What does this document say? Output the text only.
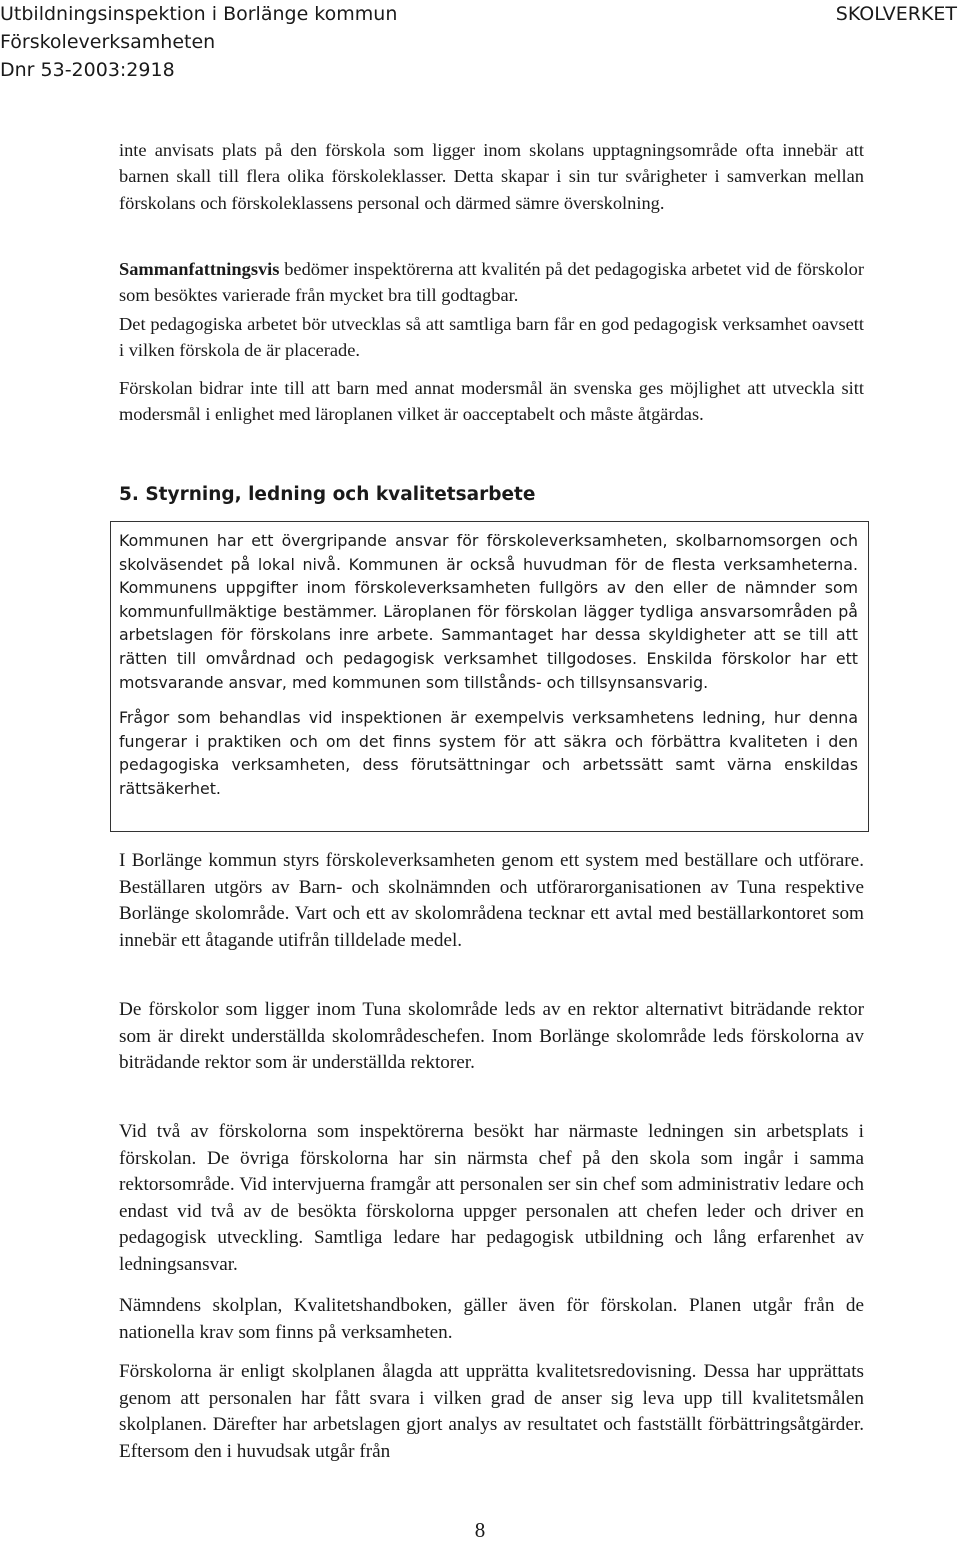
Utbildningsinspektion i Borlänge kommun
Förskoleverksamheten
Dnr 53-2003:2918
SKOLVERKET

inte anvisats plats på den förskola som ligger inom skolans upptagningsområde ofta innebär att barnen skall till flera olika förskoleklasser. Detta skapar i sin tur svårigheter i samverkan mellan förskolans och förskoleklassens personal och därmed sämre överskolning.

Sammanfattningsvis bedömer inspektörerna att kvalitén på det pedagogiska arbetet vid de förskolor som besöktes varierade från mycket bra till godtagbar.

Det pedagogiska arbetet bör utvecklas så att samtliga barn får en god pedagogisk verksamhet oavsett i vilken förskola de är placerade.

Förskolan bidrar inte till att barn med annat modersmål än svenska ges möjlighet att utveckla sitt modersmål i enlighet med läroplanen vilket är oacceptabelt och måste åtgärdas.

5. Styrning, ledning och kvalitetsarbete

Kommunen har ett övergripande ansvar för förskoleverksamheten, skolbarnomsorgen och skolväsendet på lokal nivå. Kommunen är också huvudman för de flesta verksamheterna. Kommunens uppgifter inom förskoleverksamheten fullgörs av den eller de nämnder som kommunfullmäktige bestämmer. Läroplanen för förskolan lägger tydliga ansvarsområden på arbetslagen för förskolans inre arbete. Sammantaget har dessa skyldigheter att se till att rätten till omvårdnad och pedagogisk verksamhet tillgodoses. Enskilda förskolor har ett motsvarande ansvar, med kommunen som tillstånds- och tillsynsansvarig.

Frågor som behandlas vid inspektionen är exempelvis verksamhetens ledning, hur denna fungerar i praktiken och om det finns system för att säkra och förbättra kvaliteten i den pedagogiska verksamheten, dess förutsättningar och arbetssätt samt värna enskildas rättsäkerhet.

I Borlänge kommun styrs förskoleverksamheten genom ett system med beställare och utförare. Beställaren utgörs av Barn- och skolnämnden och utförarorganisationen av Tuna respektive Borlänge skolområde. Vart och ett av skolområdena tecknar ett avtal med beställarkontoret som innebär ett åtagande utifrån tilldelade medel.

De förskolor som ligger inom Tuna skolområde leds av en rektor alternativt biträdande rektor som är direkt underställda skolområdeschefen. Inom Borlänge skolområde leds förskolorna av biträdande rektor som är underställda rektorer.

Vid två av förskolorna som inspektörerna besökt har närmaste ledningen sin arbetsplats i förskolan. De övriga förskolorna har sin närmsta chef på den skola som ingår i samma rektorsområde. Vid intervjuerna framgår att personalen ser sin chef som administrativ ledare och endast vid två av de besökta förskolorna uppger personalen att chefen leder och driver en pedagogisk utveckling. Samtliga ledare har pedagogisk utbildning och lång erfarenhet av ledningsansvar.

Nämndens skolplan, Kvalitetshandboken, gäller även för förskolan. Planen utgår från de nationella krav som finns på verksamheten.

Förskolorna är enligt skolplanen ålagda att upprätta kvalitetsredovisning. Dessa har upprättats genom att personalen har fått svara i vilken grad de anser sig leva upp till kvalitetsmålen skolplanen. Därefter har arbetslagen gjort analys av resultatet och fastställt förbättringsåtgärder. Eftersom den i huvudsak utgår från

8
